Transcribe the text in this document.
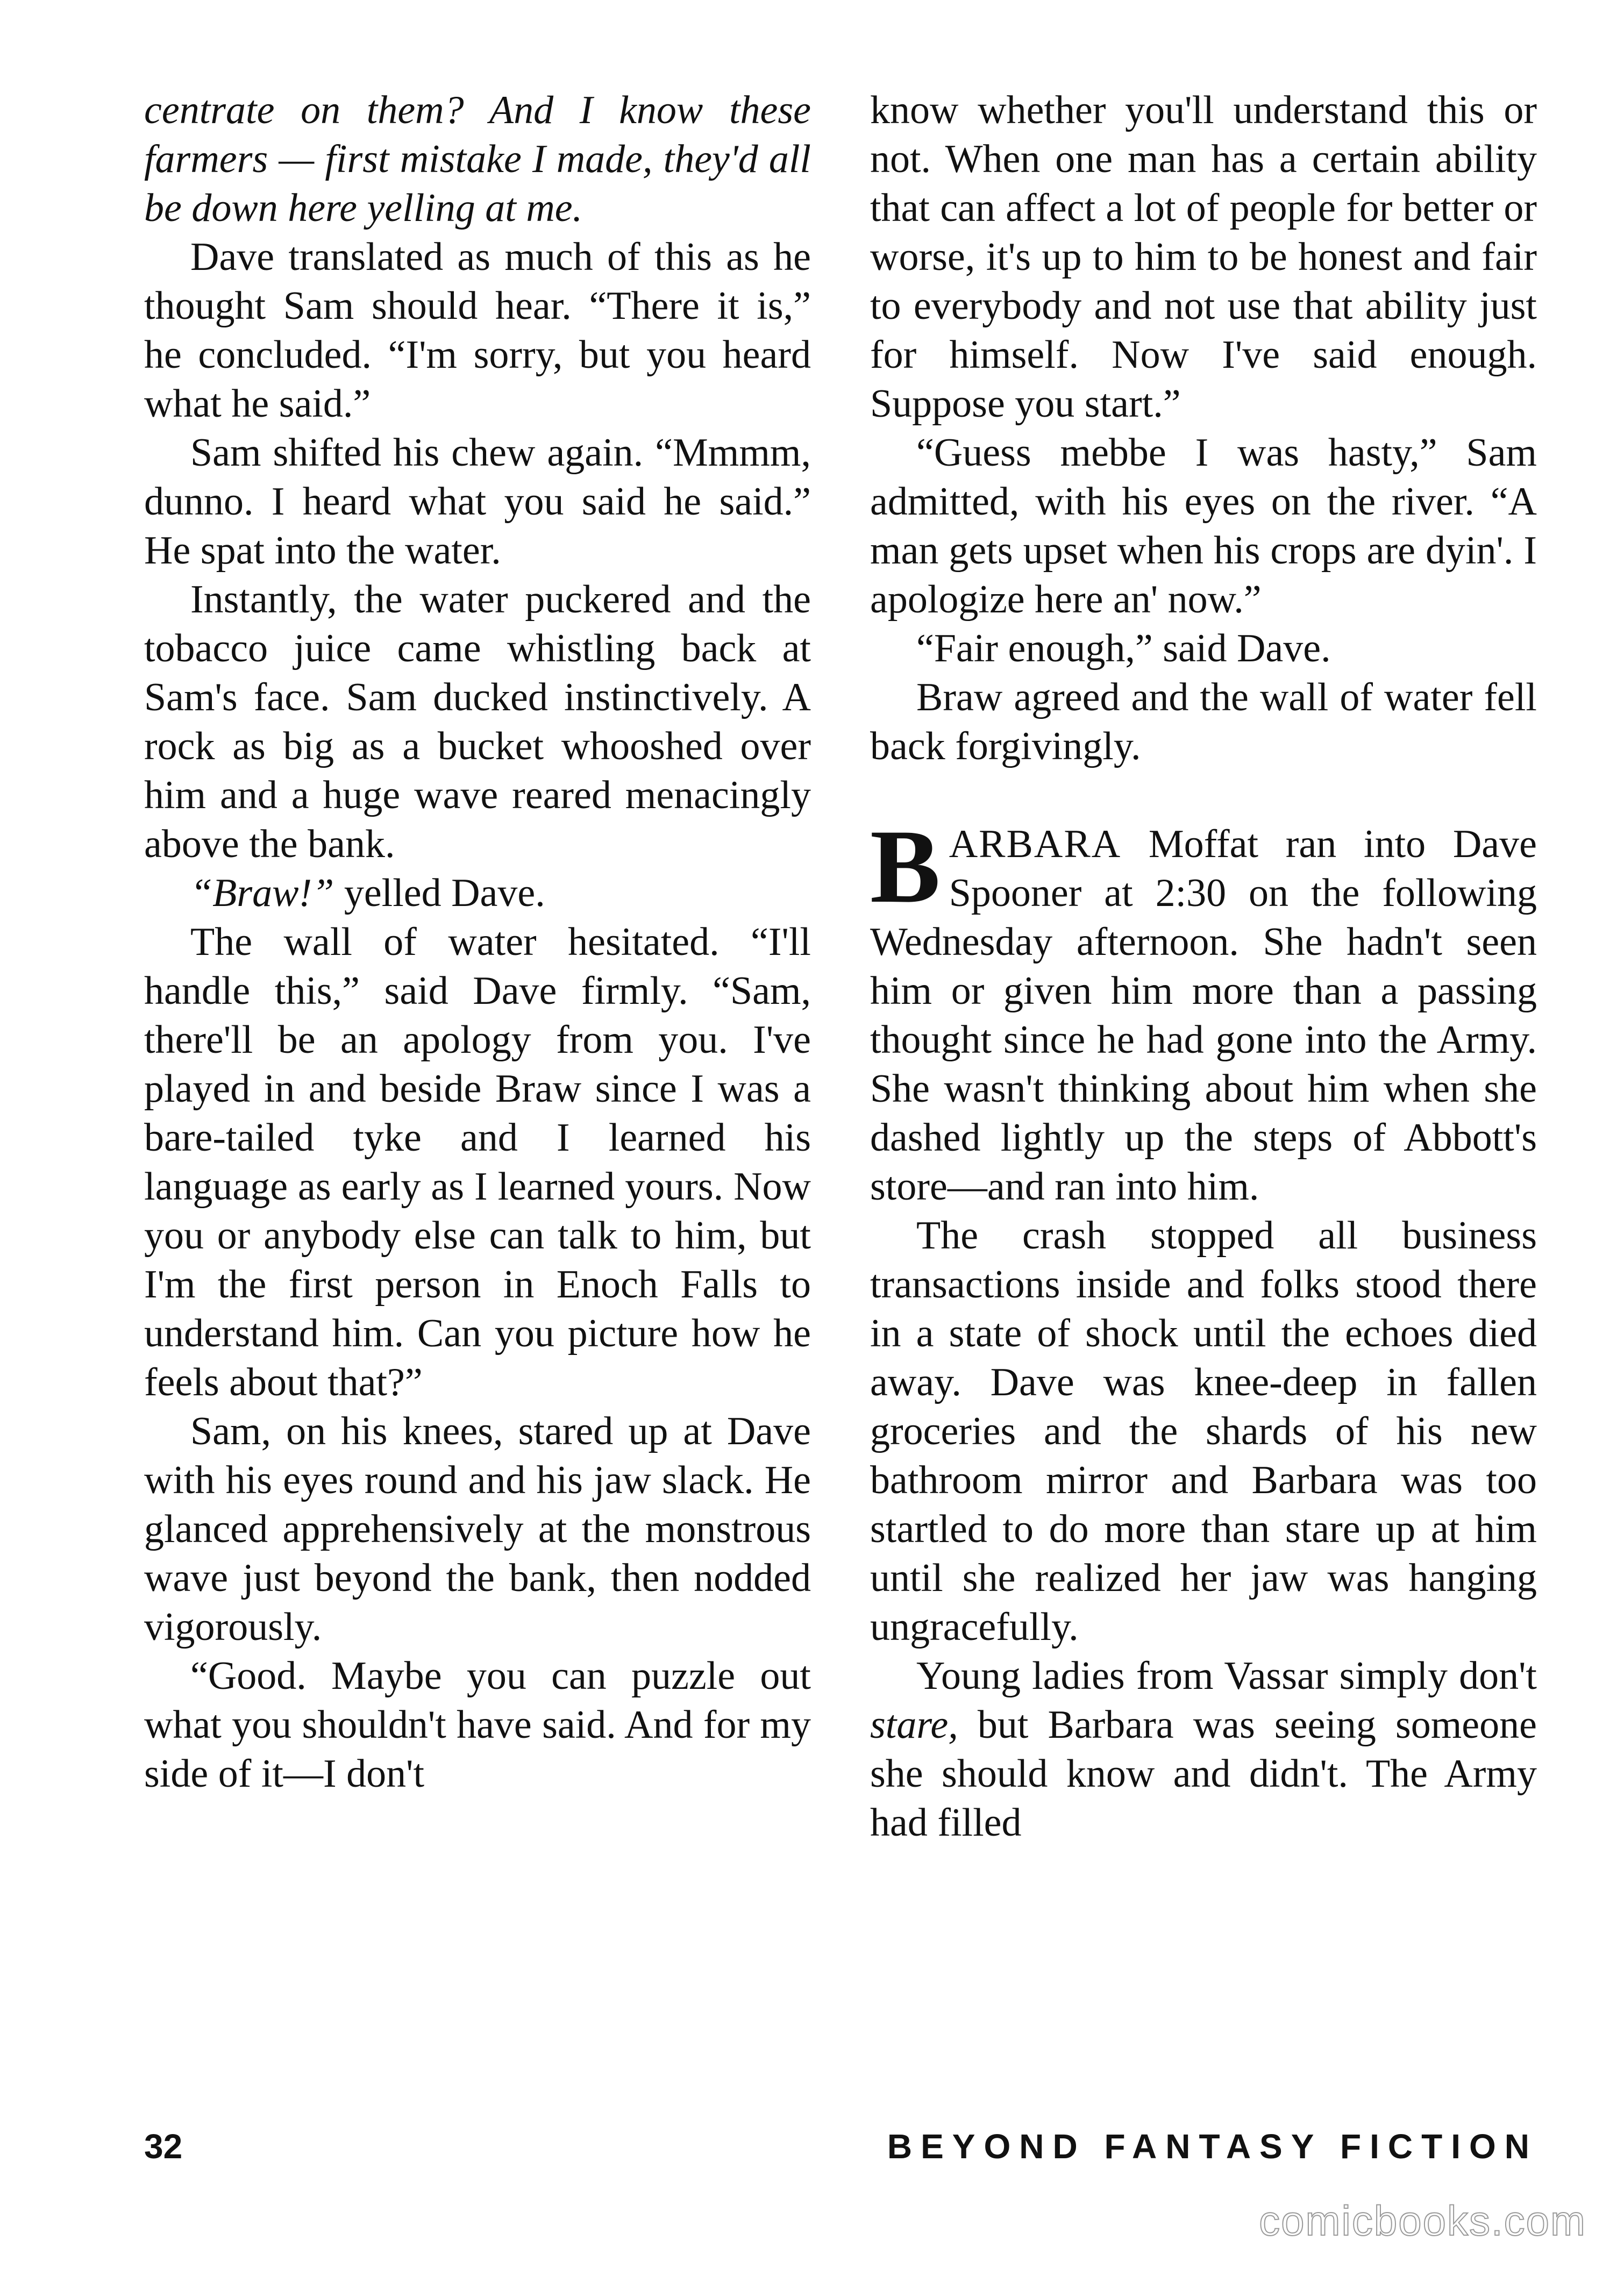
centrate on them? And I know these farmers — first mistake I made, they'd all be down here yelling at me.

Dave translated as much of this as he thought Sam should hear. “There it is,” he concluded. “I'm sorry, but you heard what he said.”

Sam shifted his chew again. “Mmmm, dunno. I heard what you said he said.” He spat into the water.

Instantly, the water puckered and the tobacco juice came whistling back at Sam's face. Sam ducked instinctively. A rock as big as a bucket whooshed over him and a huge wave reared menacingly above the bank.

“Braw!” yelled Dave.

The wall of water hesitated. “I'll handle this,” said Dave firmly. “Sam, there'll be an apology from you. I've played in and beside Braw since I was a bare-tailed tyke and I learned his language as early as I learned yours. Now you or anybody else can talk to him, but I'm the first person in Enoch Falls to understand him. Can you picture how he feels about that?”

Sam, on his knees, stared up at Dave with his eyes round and his jaw slack. He glanced apprehensively at the monstrous wave just beyond the bank, then nodded vigorously.

“Good. Maybe you can puzzle out what you shouldn't have said. And for my side of it—I don't

know whether you'll understand this or not. When one man has a certain ability that can affect a lot of people for better or worse, it's up to him to be honest and fair to everybody and not use that ability just for himself. Now I've said enough. Suppose you start.”

“Guess mebbe I was hasty,” Sam admitted, with his eyes on the river. “A man gets upset when his crops are dyin'. I apologize here an' now.”

“Fair enough,” said Dave.

Braw agreed and the wall of water fell back forgivingly.

BARBARA Moffat ran into Dave Spooner at 2:30 on the following Wednesday afternoon. She hadn't seen him or given him more than a passing thought since he had gone into the Army. She wasn't thinking about him when she dashed lightly up the steps of Abbott's store—and ran into him.

The crash stopped all business transactions inside and folks stood there in a state of shock until the echoes died away. Dave was knee-deep in fallen groceries and the shards of his new bathroom mirror and Barbara was too startled to do more than stare up at him until she realized her jaw was hanging ungracefully.

Young ladies from Vassar simply don't stare, but Barbara was seeing someone she should know and didn't. The Army had filled

32	BEYOND FANTASY FICTION
comicbooks.com
